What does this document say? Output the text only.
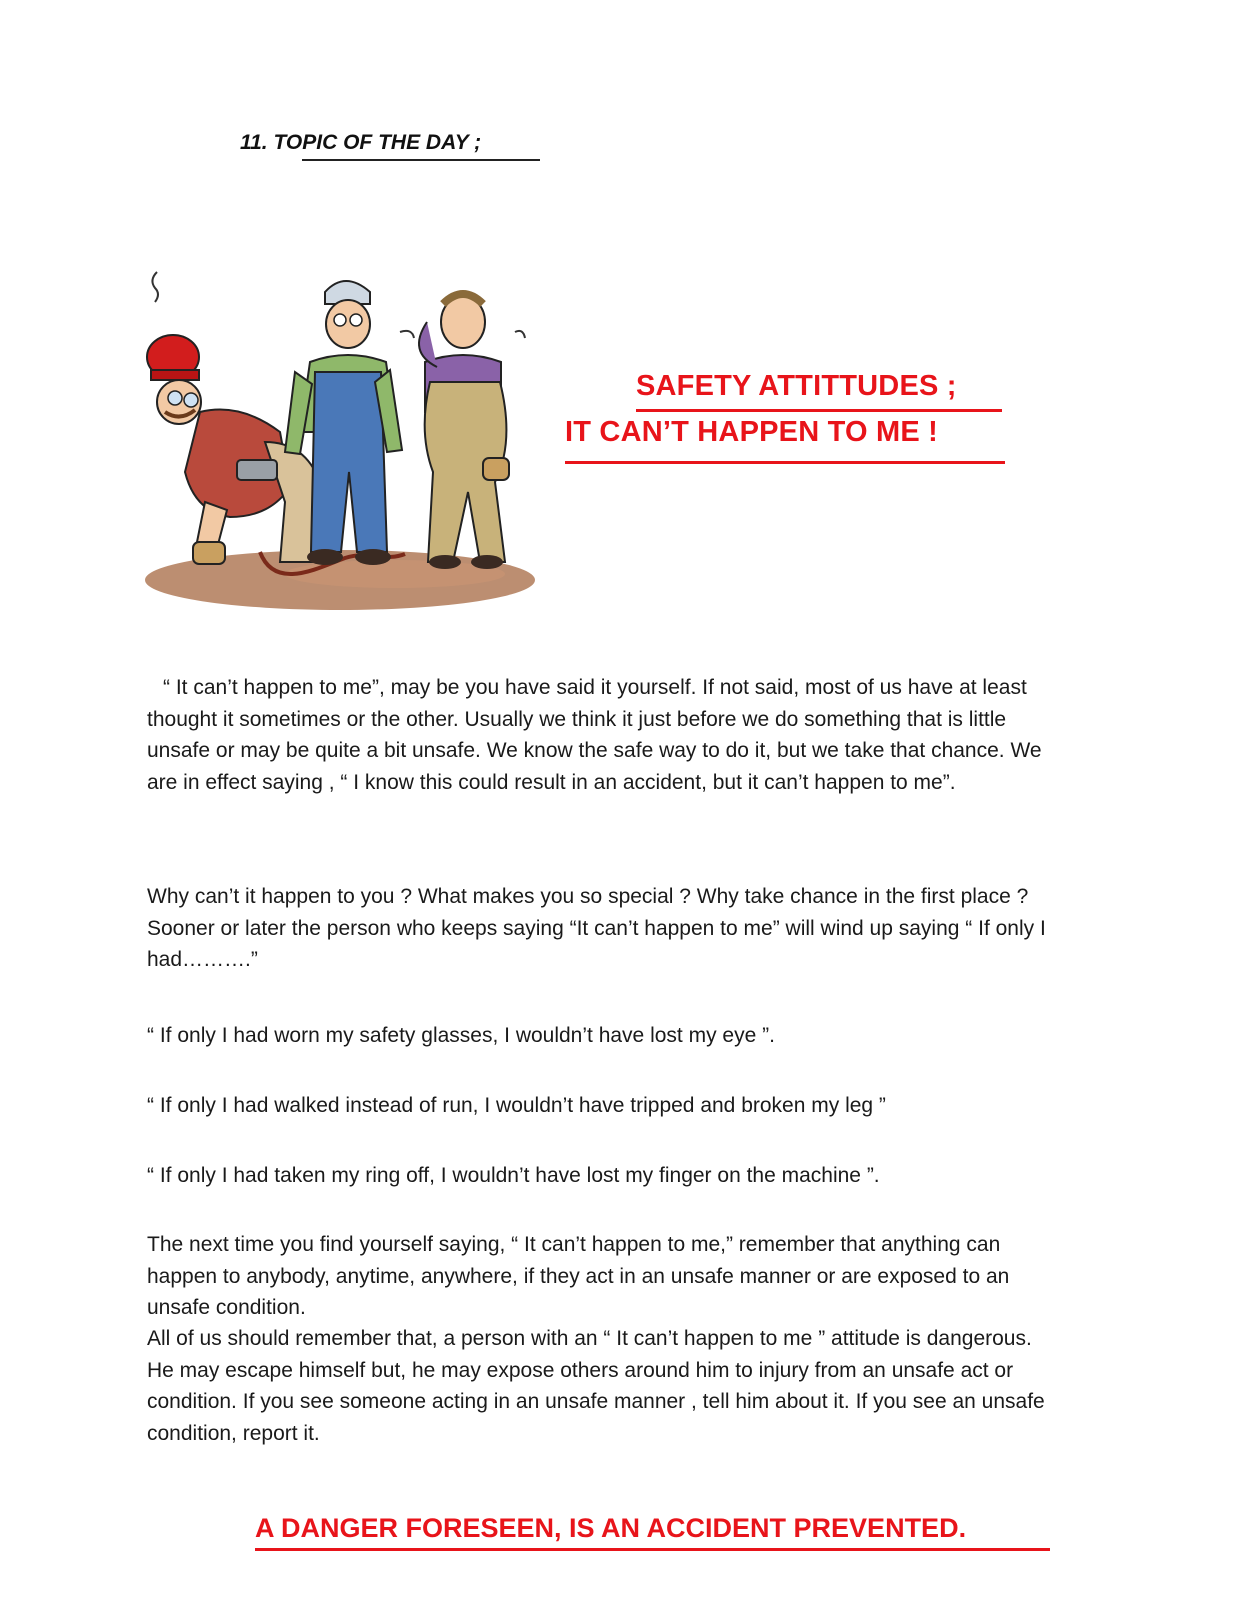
11. TOPIC OF THE DAY ;
SAFETY ATTITTUDES ;
IT CAN’T HAPPEN TO ME !

“ It can’t happen to me”, may be you have said it yourself. If not said, most of us have at least thought it sometimes or the other. Usually we think it just before we do something that is little unsafe or may be quite a bit unsafe. We know the safe way to do it, but we take that chance. We are in effect saying , “ I know this could result in an accident, but it can’t happen to me”.

Why can’t it happen to you ? What makes you so special ? Why take chance in the first place ? Sooner or later the person who keeps saying “It can’t happen to me” will wind up saying “ If only I had……….”

“ If only I had worn my safety glasses, I wouldn’t have lost my eye ”.

“ If only I had walked instead of run, I wouldn’t have tripped and broken my leg ”

“ If only I had taken my ring off, I wouldn’t have lost my finger on the machine ”.

The next time you find yourself saying, “ It can’t happen to me,” remember that anything can happen to anybody, anytime, anywhere, if they act in an unsafe manner or are exposed to an unsafe condition.

All of us should remember that, a person with an “ It can’t happen to me ” attitude is dangerous. He may escape himself but, he may expose others around him to injury from an unsafe act or condition. If you see someone acting in an unsafe manner , tell him about it. If you see an unsafe condition, report it.

A DANGER FORESEEN, IS AN ACCIDENT PREVENTED.
